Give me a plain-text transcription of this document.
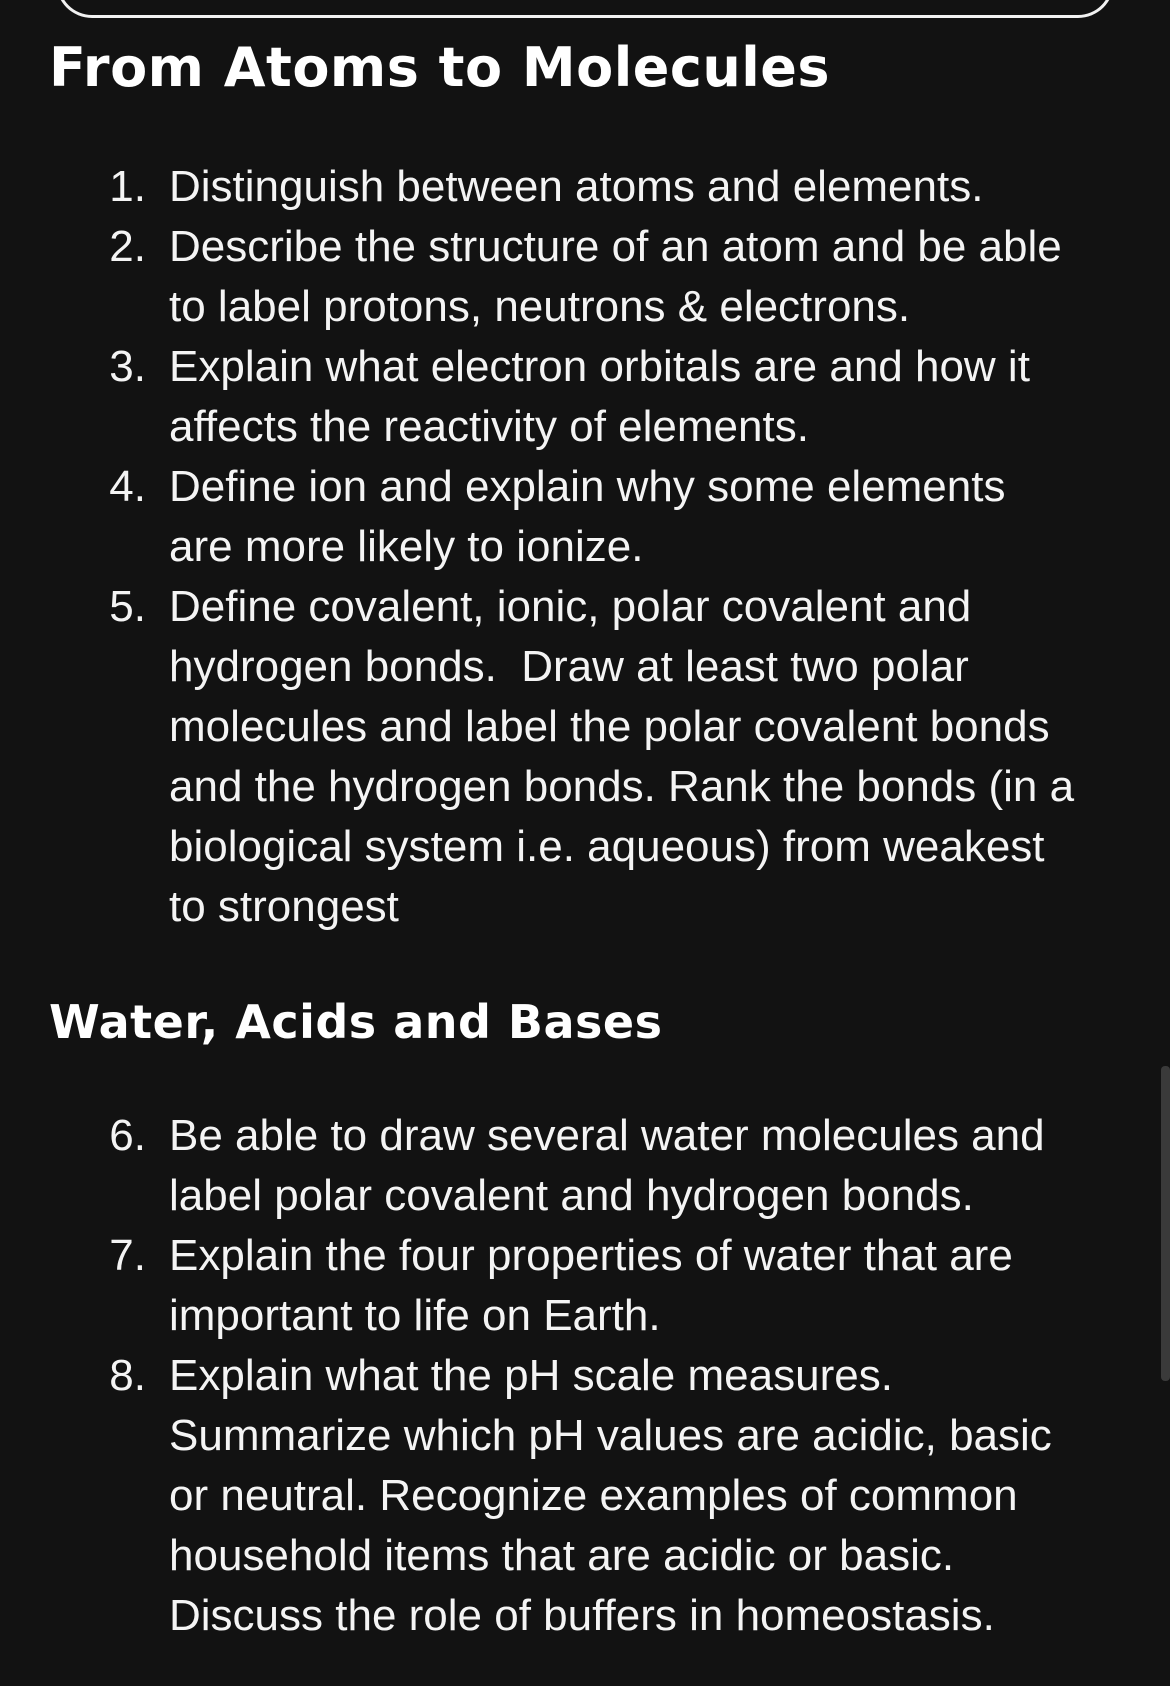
From Atoms to Molecules
1. Distinguish between atoms and elements.
2. Describe the structure of an atom and be able
to label protons, neutrons & electrons.
3. Explain what electron orbitals are and how it
affects the reactivity of elements.
4. Define ion and explain why some elements
are more likely to ionize.
5. Define covalent, ionic, polar covalent and
hydrogen bonds.  Draw at least two polar
molecules and label the polar covalent bonds
and the hydrogen bonds. Rank the bonds (in a
biological system i.e. aqueous) from weakest
to strongest
Water, Acids and Bases
6. Be able to draw several water molecules and
label polar covalent and hydrogen bonds.
7. Explain the four properties of water that are
important to life on Earth.
8. Explain what the pH scale measures.
Summarize which pH values are acidic, basic
or neutral. Recognize examples of common
household items that are acidic or basic.
Discuss the role of buffers in homeostasis.
